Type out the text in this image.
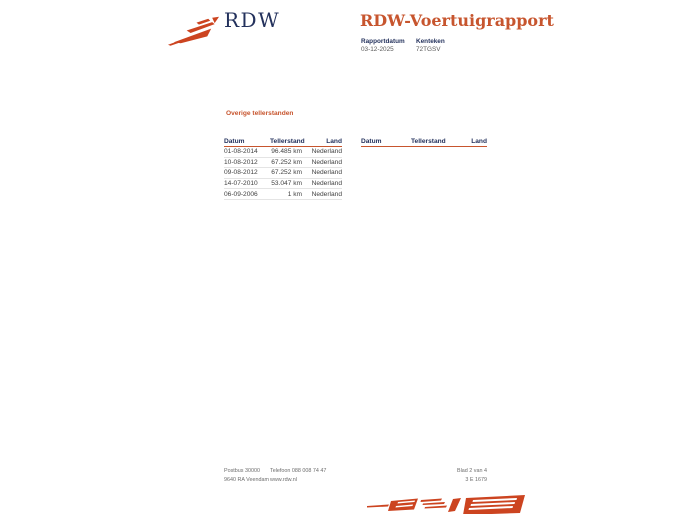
RDW	RDW-Voertuigrapport
Rapportdatum
03-12-2025
Kenteken
72TGSV
Overige tellerstanden
Datum	Tellerstand	Land
01-08-2014	96.485 km	Nederland
10-08-2012	67.252 km	Nederland
09-08-2012	67.252 km	Nederland
14-07-2010	53.047 km	Nederland
06-09-2006	1 km	Nederland
Datum	Tellerstand	Land
Postbus 30000
9640 RA Veendam
Telefoon 088 008 74 47
www.rdw.nl
Blad 2 van 4
3 E 1679
